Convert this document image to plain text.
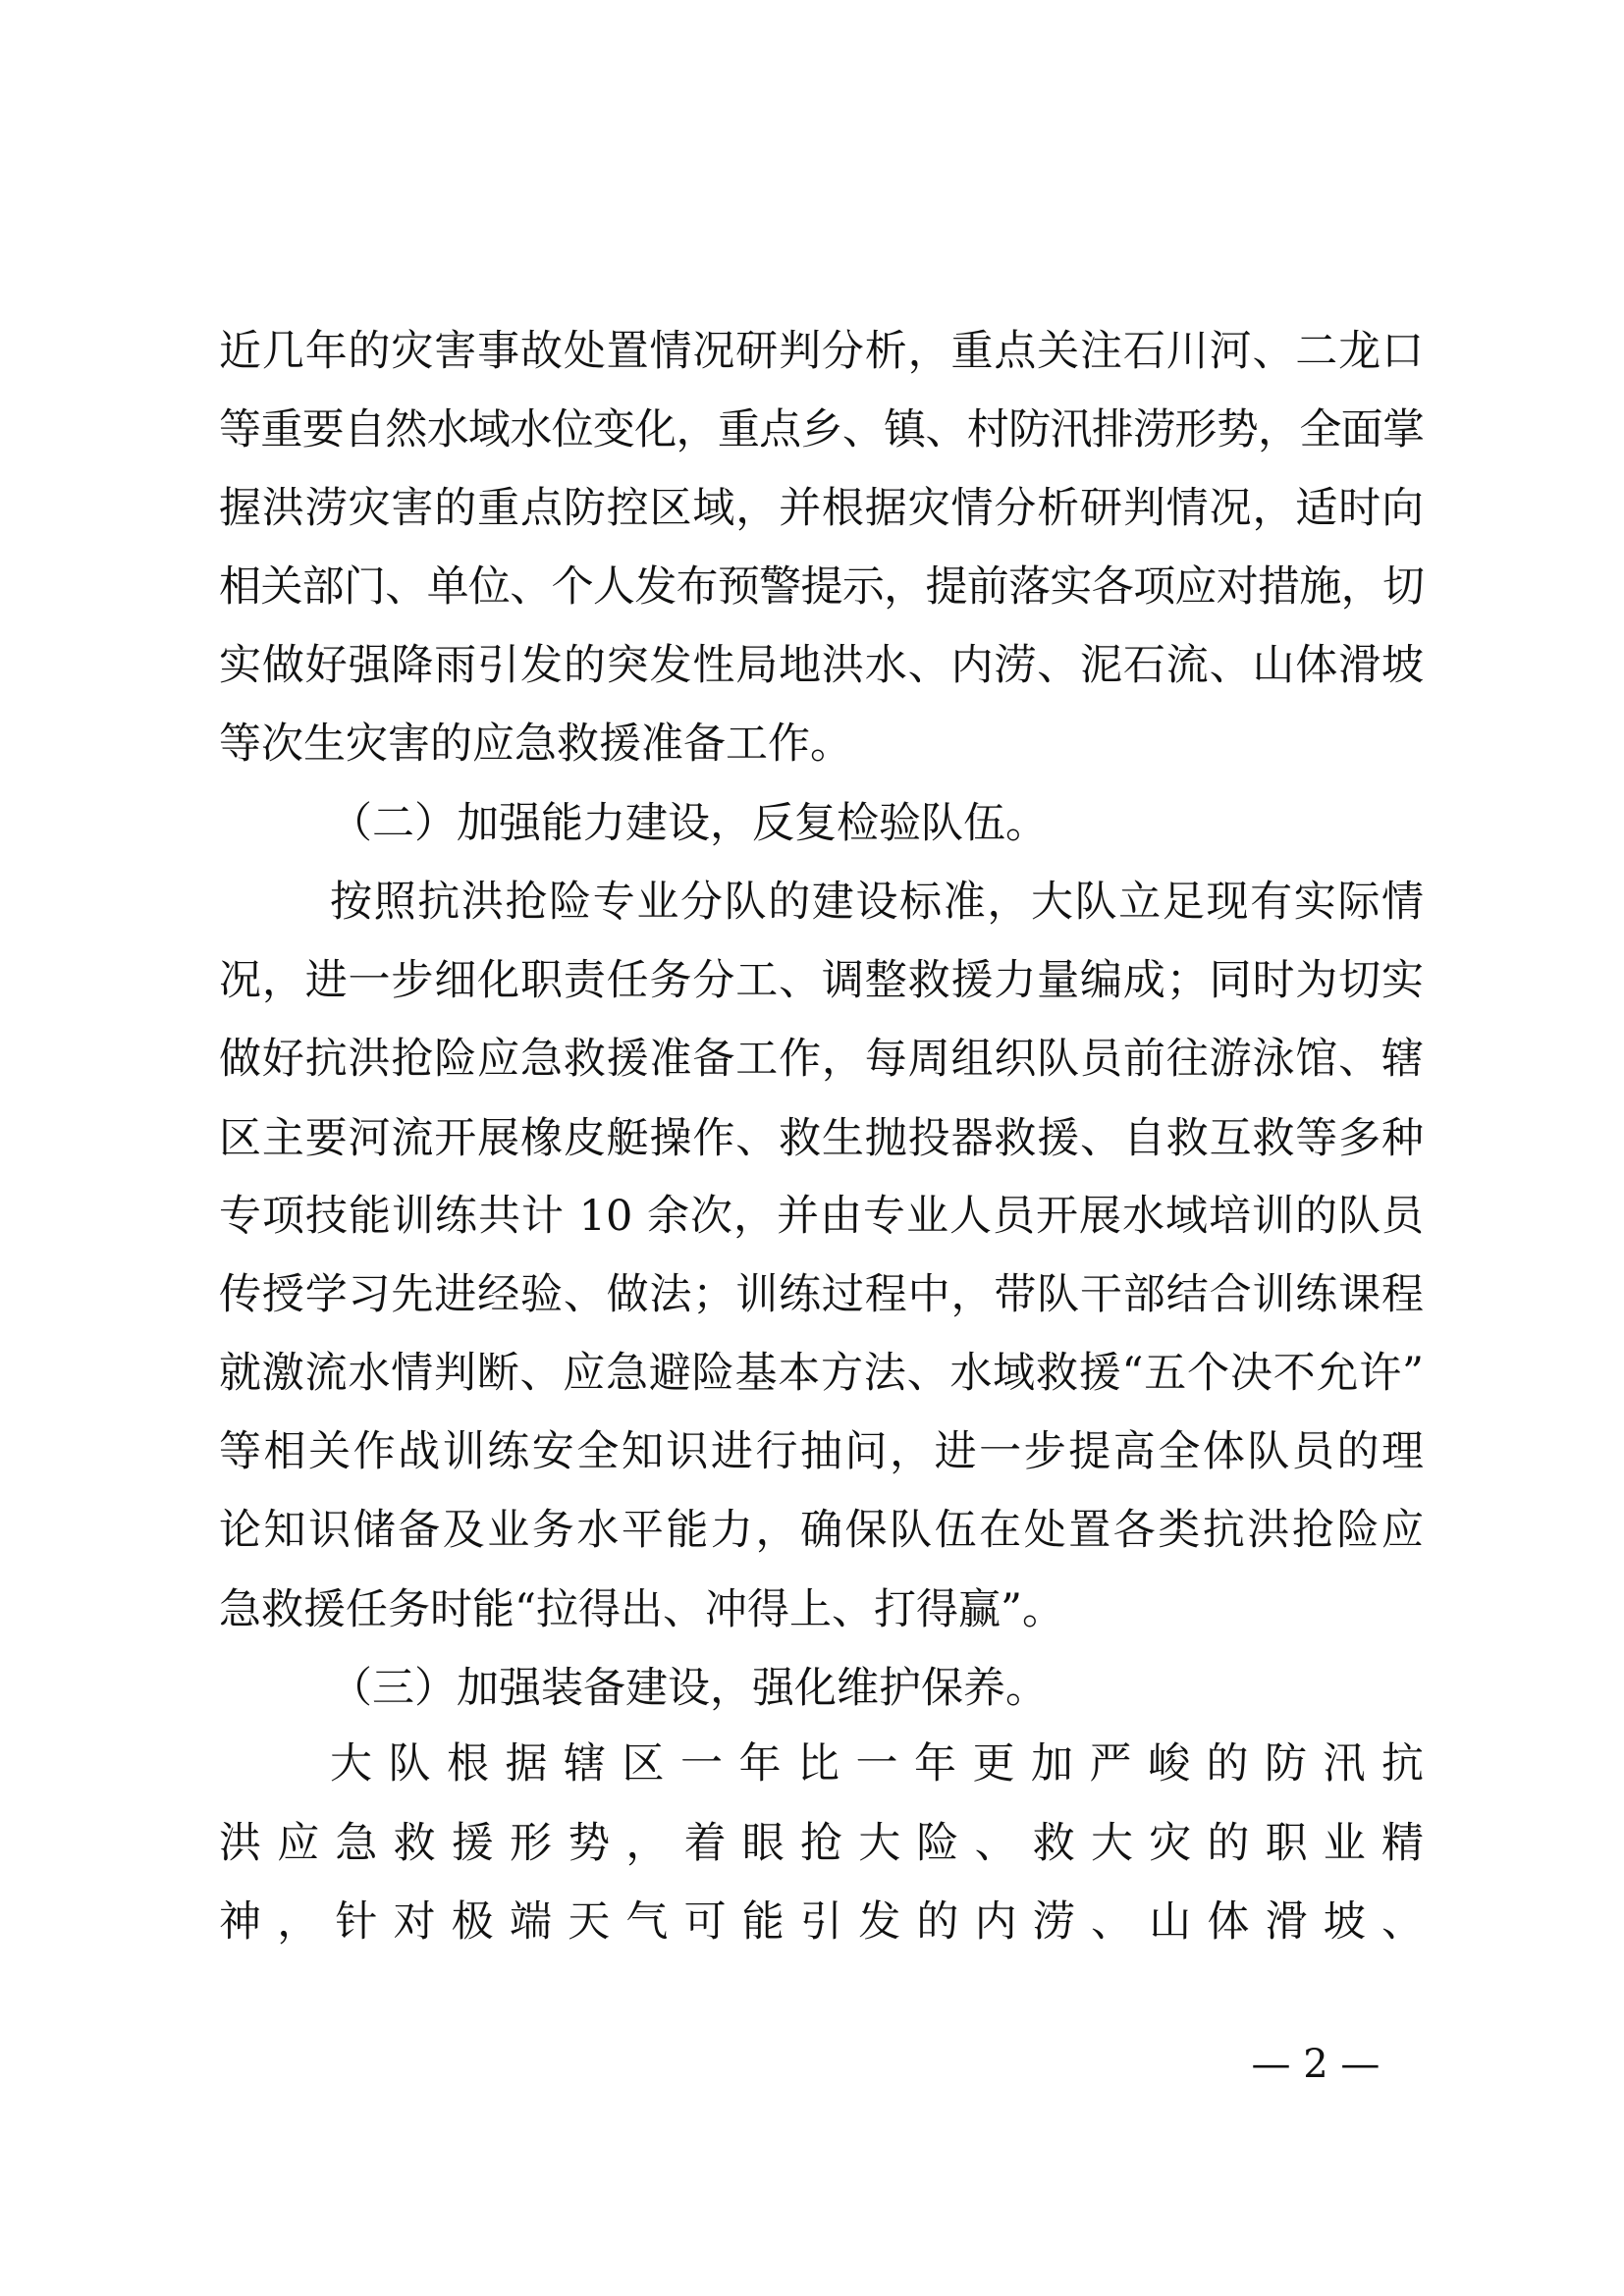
近几年的灾害事故处置情况研判分析，重点关注石川河、二龙口
等重要自然水域水位变化，重点乡、镇、村防汛排涝形势，全面掌
握洪涝灾害的重点防控区域，并根据灾情分析研判情况，适时向
相关部门、单位、个人发布预警提示，提前落实各项应对措施，切
实做好强降雨引发的突发性局地洪水、内涝、泥石流、山体滑坡
等次生灾害的应急救援准备工作。
（二）加强能力建设，反复检验队伍。
按照抗洪抢险专业分队的建设标准，大队立足现有实际情
况，进一步细化职责任务分工、调整救援力量编成；同时为切实
做好抗洪抢险应急救援准备工作，每周组织队员前往游泳馆、辖
区主要河流开展橡皮艇操作、救生抛投器救援、自救互救等多种
专项技能训练共计 10 余次，并由专业人员开展水域培训的队员
传授学习先进经验、做法；训练过程中，带队干部结合训练课程
就激流水情判断、应急避险基本方法、水域救援“五个决不允许”
等相关作战训练安全知识进行抽问，进一步提高全体队员的理
论知识储备及业务水平能力，确保队伍在处置各类抗洪抢险应
急救援任务时能“拉得出、冲得上、打得赢”。
（三）加强装备建设，强化维护保养。
大队根据辖区一年比一年更加严峻的防汛抗
洪应急救援形势，着眼抢大险、救大灾的职业精
神，针对极端天气可能引发的内涝、山体滑坡、
— 2 —
